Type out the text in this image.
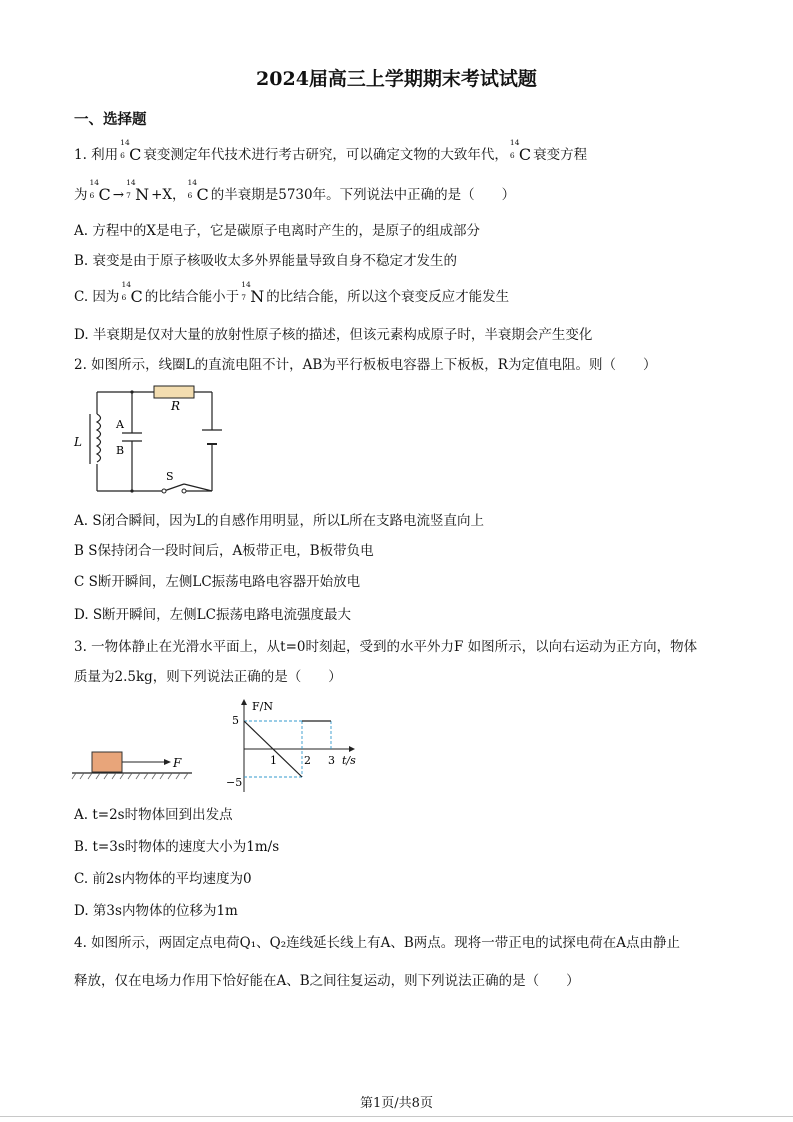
2024届高三上学期期末考试试题
一、选择题
1. 利用
14
6 C 衰变测定年代技术进行考古研究，可以确定文物的大致年代，
14
6 C 衰变方程
为
14
6 C →
14
7 N +X，
14
6 C 的半衰期是5730年。下列说法中正确的是（　　）
A. 方程中的X是电子，它是碳原子电离时产生的，是原子的组成部分
B. 衰变是由于原子核吸收太多外界能量导致自身不稳定才发生的
C. 因为
14
6 C 的比结合能小于
14
7 N 的比结合能，所以这个衰变反应才能发生
D. 半衰期是仅对大量的放射性原子核的描述，但该元素构成原子时，半衰期会产生变化
2. 如图所示，线圈L的直流电阻不计，AB为平行板板电容器上下板板，R为定值电阻。则（　　）
R
A
B
L
S
A. S闭合瞬间，因为L的自感作用明显，所以L所在支路电流竖直向上
B S保持闭合一段时间后，A板带正电，B板带负电
C S断开瞬间，左侧LC振荡电路电容器开始放电
D. S断开瞬间，左侧LC振荡电路电流强度最大
3. 一物体静止在光滑水平面上，从t=0时刻起，受到的水平外力F 如图所示，以向右运动为正方向，物体
质量为2.5kg，则下列说法正确的是（　　）
F
F/N
t/s
5
−5
1 2 3
A. t=2s时物体回到出发点
B. t=3s时物体的速度大小为1m/s
C. 前2s内物体的平均速度为0
D. 第3s内物体的位移为1m
4. 如图所示，两固定点电荷Q₁、Q₂连线延长线上有A、B两点。现将一带正电的试探电荷在A点由静止
释放，仅在电场力作用下恰好能在A、B之间往复运动，则下列说法正确的是（　　）
第1页/共8页
